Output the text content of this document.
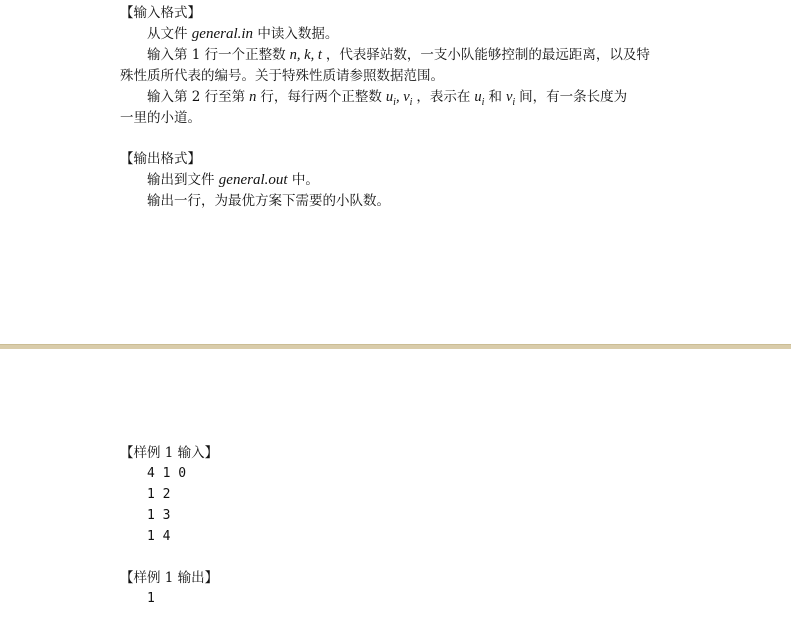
【输入格式】
从文件 general.in 中读入数据。
输入第 1 行一个正整数 n, k, t ，代表驿站数，一支小队能够控制的最远距离，以及特
殊性质所代表的编号。关于特殊性质请参照数据范围。
输入第 2 行至第 n 行，每行两个正整数 $u_i$, $v_i$ ，表示在 $u_i$ 和 $v_i$ 间，有一条长度为
一里的小道。
【输出格式】
输出到文件 general.out 中。
输出一行，为最优方案下需要的小队数。
【样例 1 输入】
4 1 0
1 2
1 3
1 4
【样例 1 输出】
1
